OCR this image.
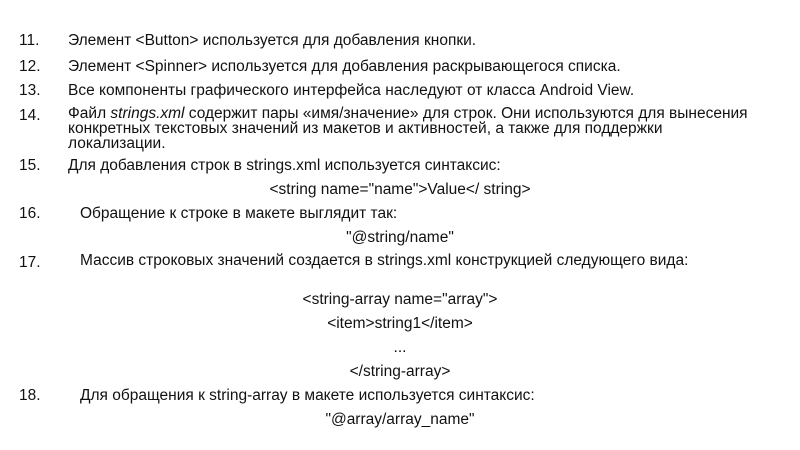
11. Элемент <Button> используется для добавления кнопки.
12. Элемент <Spinner> используется для добавления раскрывающегося списка.
13. Все компоненты графического интерфейса наследуют от класса Android View.
14. Файл strings.xml содержит пары «имя/значение» для строк. Они используются для вынесения конкретных текстовых значений из макетов и активностей, а также для поддержки локализации.
15. Для добавления строк в strings.xml используется синтаксис:
<string name="name">Value</ string>
16.	Обращение к строке в макете выглядит так:
"@string/name"
17.	Массив строковых значений создается в strings.xml конструкцией следующего вида:
<string-array name="array">
<item>string1</item>
...
</string-array>
18.	Для обращения к string-array в макете используется синтаксис:
"@array/array_name"
